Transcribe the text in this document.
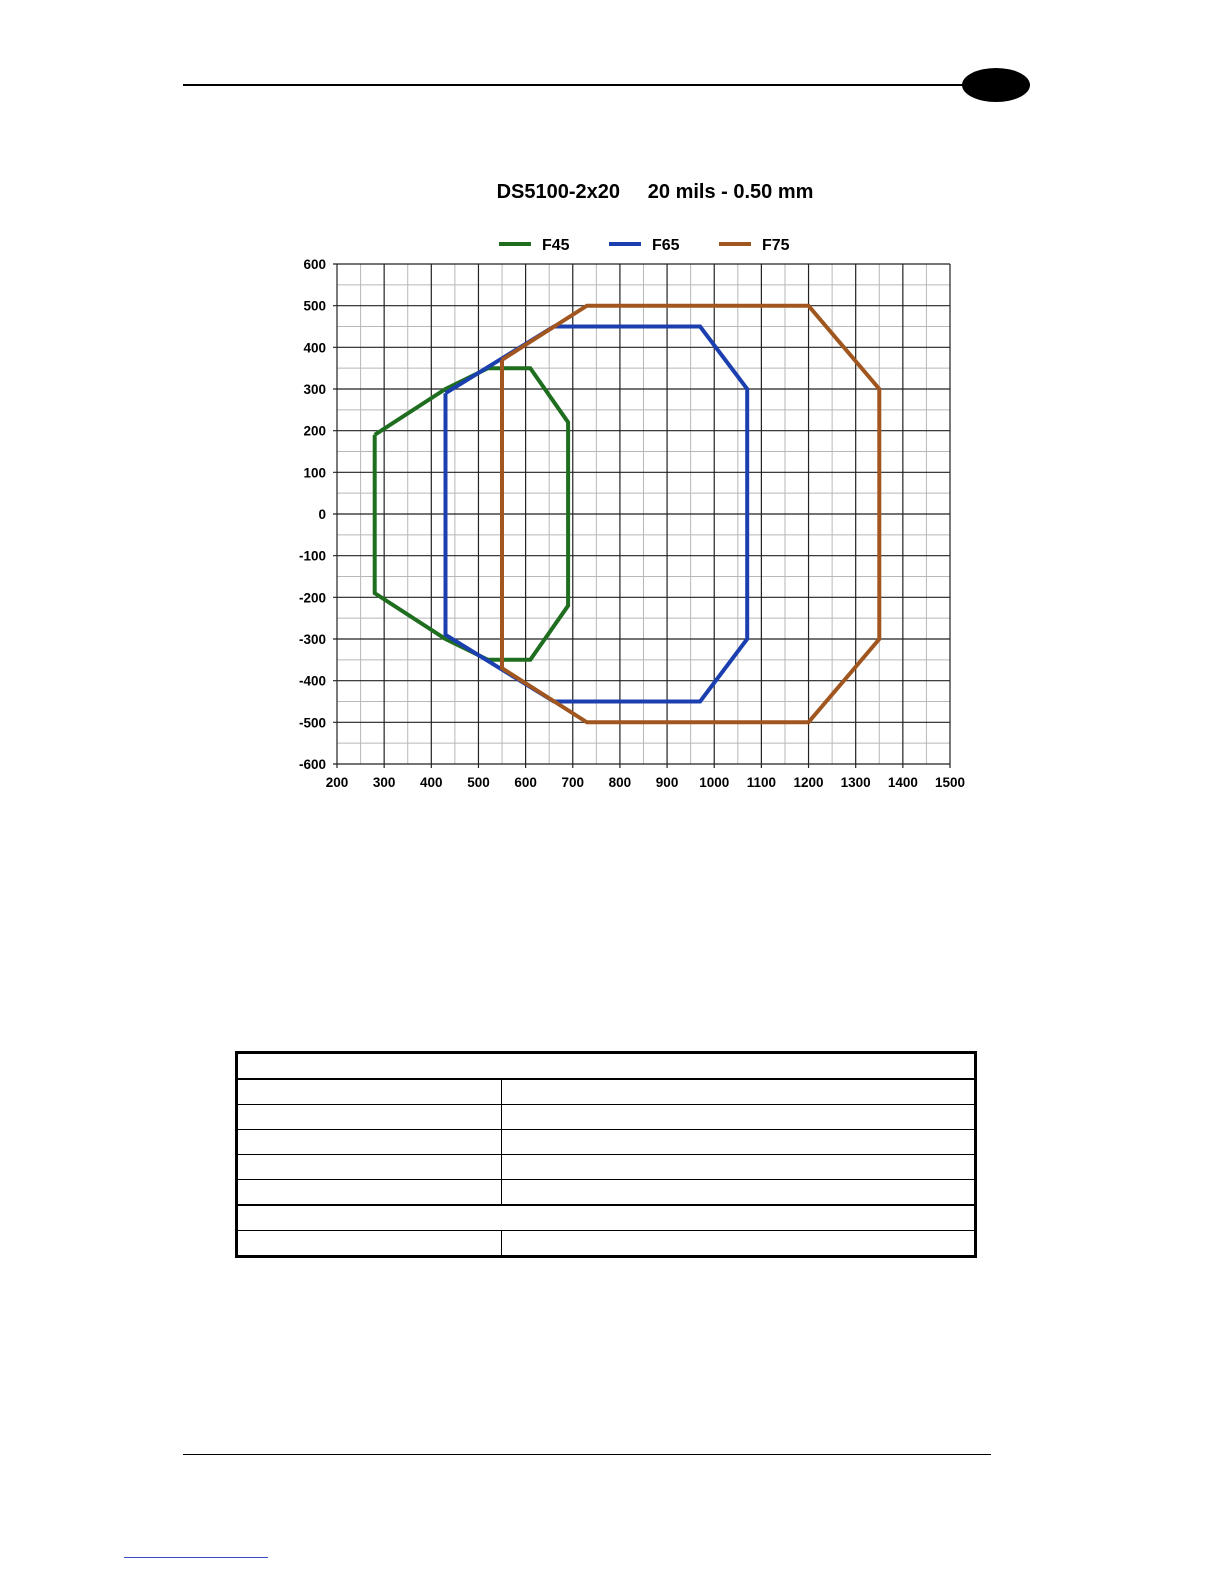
DS5100-2x20     20 mils - 0.50 mm
F45	F65	F75
600
500
400
300
200
100
0
-100
-200
-300
-400
-500
-600
200 300 400 500 600 700 800 900 1000 1100 1200 1300 1400 1500
